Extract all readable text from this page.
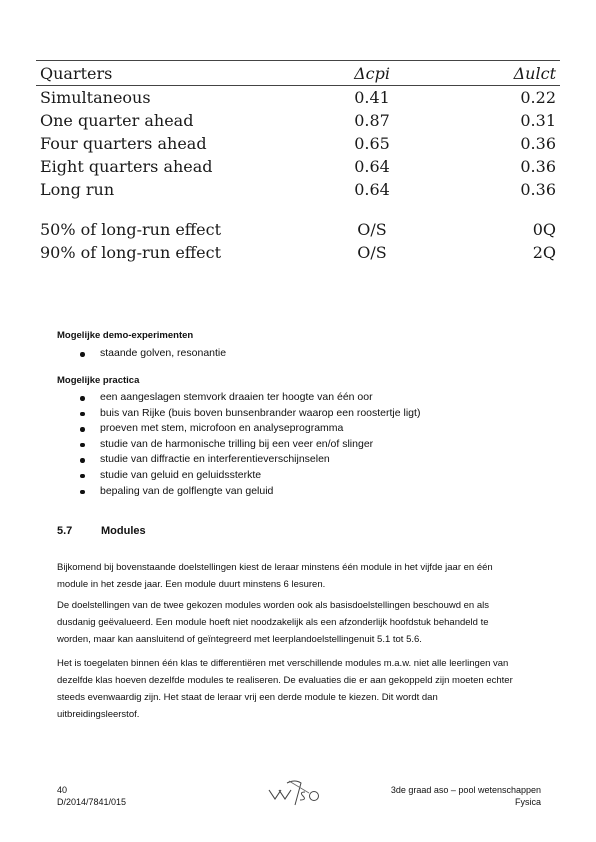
Quarters	Δcpi	Δulct
Simultaneous	0.41	0.22
One quarter ahead	0.87	0.31
Four quarters ahead	0.65	0.36
Eight quarters ahead	0.64	0.36
Long run	0.64	0.36
50% of long-run effect	O/S	0Q
90% of long-run effect	O/S	2Q
Mogelijke demo-experimenten
staande golven, resonantie
Mogelijke practica
een aangeslagen stemvork draaien ter hoogte van één oor
buis van Rijke (buis boven bunsenbrander waarop een roostertje ligt)
proeven met stem, microfoon en analyseprogramma
studie van de harmonische trilling bij een veer en/of slinger
studie van diffractie en interferentieverschijnselen
studie van geluid en geluidssterkte
bepaling van de golflengte van geluid
5.7	Modules
Bijkomend bij bovenstaande doelstellingen kiest de leraar minstens één module in het vijfde jaar en één
module in het zesde jaar. Een module duurt minstens 6 lesuren.
De doelstellingen van de twee gekozen modules worden ook als basisdoelstellingen beschouwd en als
dusdanig geëvalueerd. Een module hoeft niet noodzakelijk als een afzonderlijk hoofdstuk behandeld te
worden, maar kan aansluitend of geïntegreerd met leerplandoelstellingenuit 5.1 tot 5.6.
Het is toegelaten binnen één klas te differentiëren met verschillende modules m.a.w. niet alle leerlingen van
dezelfde klas hoeven dezelfde modules te realiseren. De evaluaties die er aan gekoppeld zijn moeten echter
steeds evenwaardig zijn. Het staat de leraar vrij een derde module te kiezen. Dit wordt dan
uitbreidingsleerstof.
40
D/2014/7841/015
3de graad aso – pool wetenschappen
Fysica
